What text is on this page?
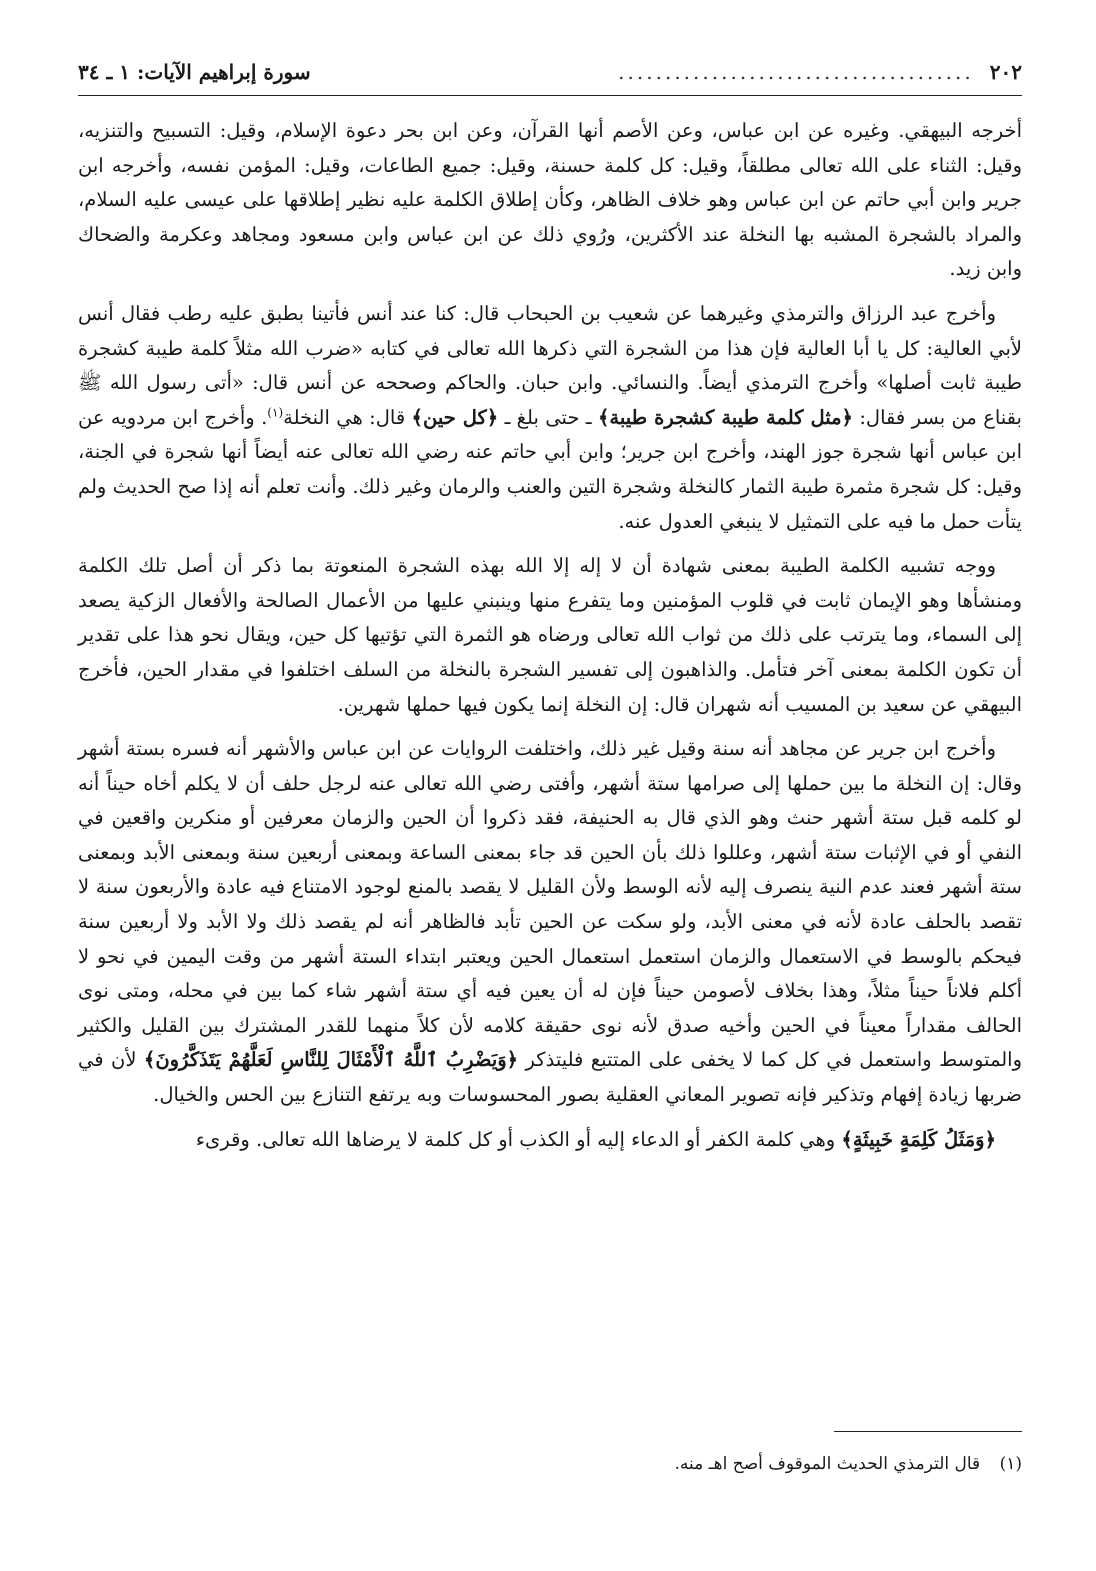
٢٠٢
......................................
سورة إبراهيم الآيات: ١ ـ ٣٤

أخرجه البيهقي. وغيره عن ابن عباس، وعن الأصم أنها القرآن، وعن ابن بحر دعوة الإسلام، وقيل: التسبيح والتنزيه، وقيل: الثناء على الله تعالى مطلقاً، وقيل: كل كلمة حسنة، وقيل: جميع الطاعات، وقيل: المؤمن نفسه، وأخرجه ابن جرير وابن أبي حاتم عن ابن عباس وهو خلاف الظاهر، وكأن إطلاق الكلمة عليه نظير إطلاقها على عيسى عليه السلام، والمراد بالشجرة المشبه بها النخلة عند الأكثرين، ورُوي ذلك عن ابن عباس وابن مسعود ومجاهد وعكرمة والضحاك وابن زيد.

وأخرج عبد الرزاق والترمذي وغيرهما عن شعيب بن الحبحاب قال: كنا عند أنس فأتينا بطبق عليه رطب فقال أنس لأبي العالية: كل يا أبا العالية فإن هذا من الشجرة التي ذكرها الله تعالى في كتابه «ضرب الله مثلاً كلمة طيبة كشجرة طيبة ثابت أصلها» وأخرج الترمذي أيضاً. والنسائي. وابن حبان. والحاكم وصححه عن أنس قال: «أتى رسول الله ﷺ بقناع من بسر فقال: ﴿مثل كلمة طيبة كشجرة طيبة﴾ ـ حتى بلغ ـ ﴿كل حين﴾ قال: هي النخلة$^{(١)}$. وأخرج ابن مردويه عن ابن عباس أنها شجرة جوز الهند، وأخرج ابن جرير؛ وابن أبي حاتم عنه رضي الله تعالى عنه أيضاً أنها شجرة في الجنة، وقيل: كل شجرة مثمرة طيبة الثمار كالنخلة وشجرة التين والعنب والرمان وغير ذلك. وأنت تعلم أنه إذا صح الحديث ولم يتأت حمل ما فيه على التمثيل لا ينبغي العدول عنه.

ووجه تشبيه الكلمة الطيبة بمعنى شهادة أن لا إله إلا الله بهذه الشجرة المنعوتة بما ذكر أن أصل تلك الكلمة ومنشأها وهو الإيمان ثابت في قلوب المؤمنين وما يتفرع منها وينبني عليها من الأعمال الصالحة والأفعال الزكية يصعد إلى السماء، وما يترتب على ذلك من ثواب الله تعالى ورضاه هو الثمرة التي تؤتيها كل حين، ويقال نحو هذا على تقدير أن تكون الكلمة بمعنى آخر فتأمل. والذاهبون إلى تفسير الشجرة بالنخلة من السلف اختلفوا في مقدار الحين، فأخرج البيهقي عن سعيد بن المسيب أنه شهران قال: إن النخلة إنما يكون فيها حملها شهرين.

وأخرج ابن جرير عن مجاهد أنه سنة وقيل غير ذلك، واختلفت الروايات عن ابن عباس والأشهر أنه فسره بستة أشهر وقال: إن النخلة ما بين حملها إلى صرامها ستة أشهر، وأفتى رضي الله تعالى عنه لرجل حلف أن لا يكلم أخاه حيناً أنه لو كلمه قبل ستة أشهر حنث وهو الذي قال به الحنيفة، فقد ذكروا أن الحين والزمان معرفين أو منكرين واقعين في النفي أو في الإثبات ستة أشهر، وعللوا ذلك بأن الحين قد جاء بمعنى الساعة وبمعنى أربعين سنة وبمعنى الأبد وبمعنى ستة أشهر فعند عدم النية ينصرف إليه لأنه الوسط ولأن القليل لا يقصد بالمنع لوجود الامتناع فيه عادة والأربعون سنة لا تقصد بالحلف عادة لأنه في معنى الأبد، ولو سكت عن الحين تأبد فالظاهر أنه لم يقصد ذلك ولا الأبد ولا أربعين سنة فيحكم بالوسط في الاستعمال والزمان استعمل استعمال الحين ويعتبر ابتداء الستة أشهر من وقت اليمين في نحو لا أكلم فلاناً حيناً مثلاً، وهذا بخلاف لأصومن حيناً فإن له أن يعين فيه أي ستة أشهر شاء كما بين في محله، ومتى نوى الحالف مقداراً معيناً في الحين وأخيه صدق لأنه نوى حقيقة كلامه لأن كلاً منهما للقدر المشترك بين القليل والكثير والمتوسط واستعمل في كل كما لا يخفى على المتتبع فليتذكر ﴿وَيَضْرِبُ ٱللَّهُ ٱلْأَمْثَالَ لِلنَّاسِ لَعَلَّهُمْ يَتَذَكَّرُونَ﴾ لأن في ضربها زيادة إفهام وتذكير فإنه تصوير المعاني العقلية بصور المحسوسات وبه يرتفع التنازع بين الحس والخيال.

﴿وَمَثَلُ كَلِمَةٍ خَبِيثَةٍ﴾ وهي كلمة الكفر أو الدعاء إليه أو الكذب أو كل كلمة لا يرضاها الله تعالى. وقرىء

(١) قال الترمذي الحديث الموقوف أصح اهـ منه.
